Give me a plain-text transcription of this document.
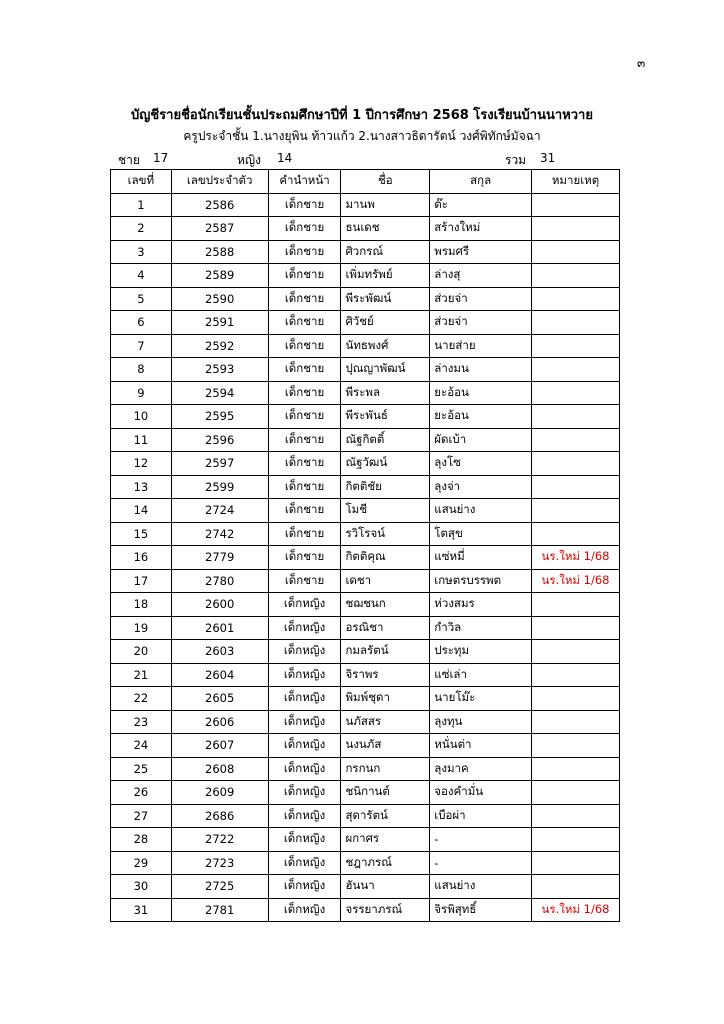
๓
บัญชีรายชื่อนักเรียนชั้นประถมศึกษาปีที่ 1 ปีการศึกษา 2568 โรงเรียนบ้านนาหวาย
ครูประจำชั้น 1.นางยุพิน ท้าวแก้ว 2.นางสาวธิดารัตน์ วงศ์พิทักษ์มัจฉา
ชาย 17	หญิง 14	รวม 31
เลขที่	เลขประจำตัว	คำนำหน้า	ชื่อ	สกุล	หมายเหตุ
1	2586	เด็กชาย	มานพ	ต๊ะ	
2	2587	เด็กชาย	ธนเดช	สร้างใหม่	
3	2588	เด็กชาย	ศิวกรณ์	พรมศรี	
4	2589	เด็กชาย	เพิ่มทรัพย์	ล่างสุ	
5	2590	เด็กชาย	พีระพัฒน์	ส่วยจ่า	
6	2591	เด็กชาย	ศิวัชย์	ส่วยจ่า	
7	2592	เด็กชาย	นัทธพงศ์	นายส่าย	
8	2593	เด็กชาย	ปุณญาพัฒน์	ล่างมน	
9	2594	เด็กชาย	พีระพล	ยะอ้อน	
10	2595	เด็กชาย	พีระพันธ์	ยะอ้อน	
11	2596	เด็กชาย	ณัฐกิตติ์	ผัดเบ้า	
12	2597	เด็กชาย	ณัฐวัฒน์	ลุงโซ	
13	2599	เด็กชาย	กิตติชัย	ลุงจ่า	
14	2724	เด็กชาย	โมชี	แสนย่าง	
15	2742	เด็กชาย	รวิโรจน์	โตสุข	
16	2779	เด็กชาย	กิตติคุณ	แซ่หมี่	นร.ใหม่ 1/68
17	2780	เด็กชาย	เดชา	เกษตรบรรพต	นร.ใหม่ 1/68
18	2600	เด็กหญิง	ชฌชนก	ห่วงสมร	
19	2601	เด็กหญิง	อรณิชา	กำวิล	
20	2603	เด็กหญิง	กมลรัตน์	ประทุม	
21	2604	เด็กหญิง	จิราพร	แซ่เล่า	
22	2605	เด็กหญิง	พิมพ์ชุดา	นายโม๊ะ	
23	2606	เด็กหญิง	นภัสสร	ลุงทุน	
24	2607	เด็กหญิง	นงนภัส	หนั่นต่า	
25	2608	เด็กหญิง	กรกนก	ลุงมาค	
26	2609	เด็กหญิง	ชนิกานต์	จองคำมั่น	
27	2686	เด็กหญิง	สุดารัตน์	เบือผ่า	
28	2722	เด็กหญิง	ผกาศร	-	
29	2723	เด็กหญิง	ชฎาภรณ์	-	
30	2725	เด็กหญิง	ฮันนา	แสนย่าง	
31	2781	เด็กหญิง	จรรยาภรณ์	จิรพิสุทธิ์	นร.ใหม่ 1/68
